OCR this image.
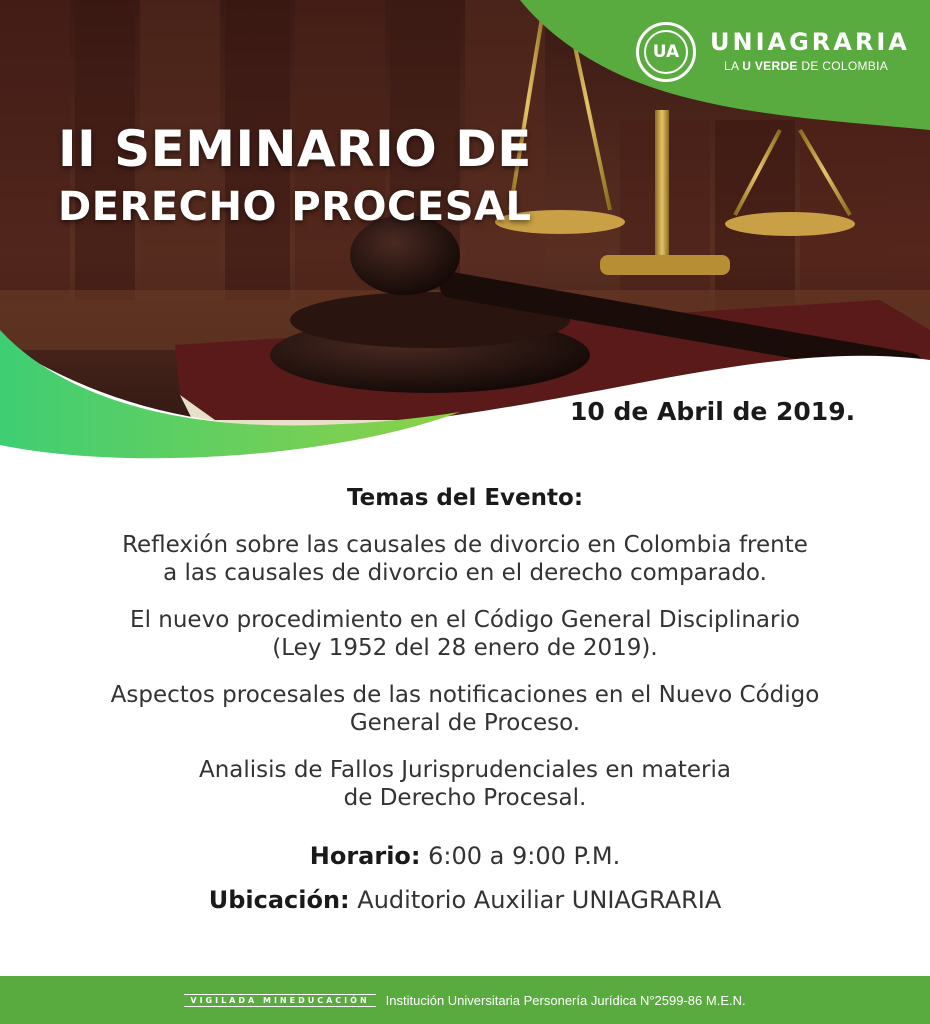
II SEMINARIO DE
DERECHO PROCESAL
UA	UNIAGRARIA
LA U VERDE DE COLOMBIA
10 de Abril de 2019.
Temas del Evento:
Reflexión sobre las causales de divorcio en Colombia frente
a las causales de divorcio en el derecho comparado.
El nuevo procedimiento en el Código General Disciplinario
(Ley 1952 del 28 enero de 2019).
Aspectos procesales de las notificaciones en el Nuevo Código
General de Proceso.
Analisis de Fallos Jurisprudenciales en materia
de Derecho Procesal.
Horario: 6:00 a 9:00 P.M.
Ubicación: Auditorio Auxiliar UNIAGRARIA
VIGILADA MINEDUCACIÓN	Institución Universitaria Personería Jurídica N°2599-86 M.E.N.
